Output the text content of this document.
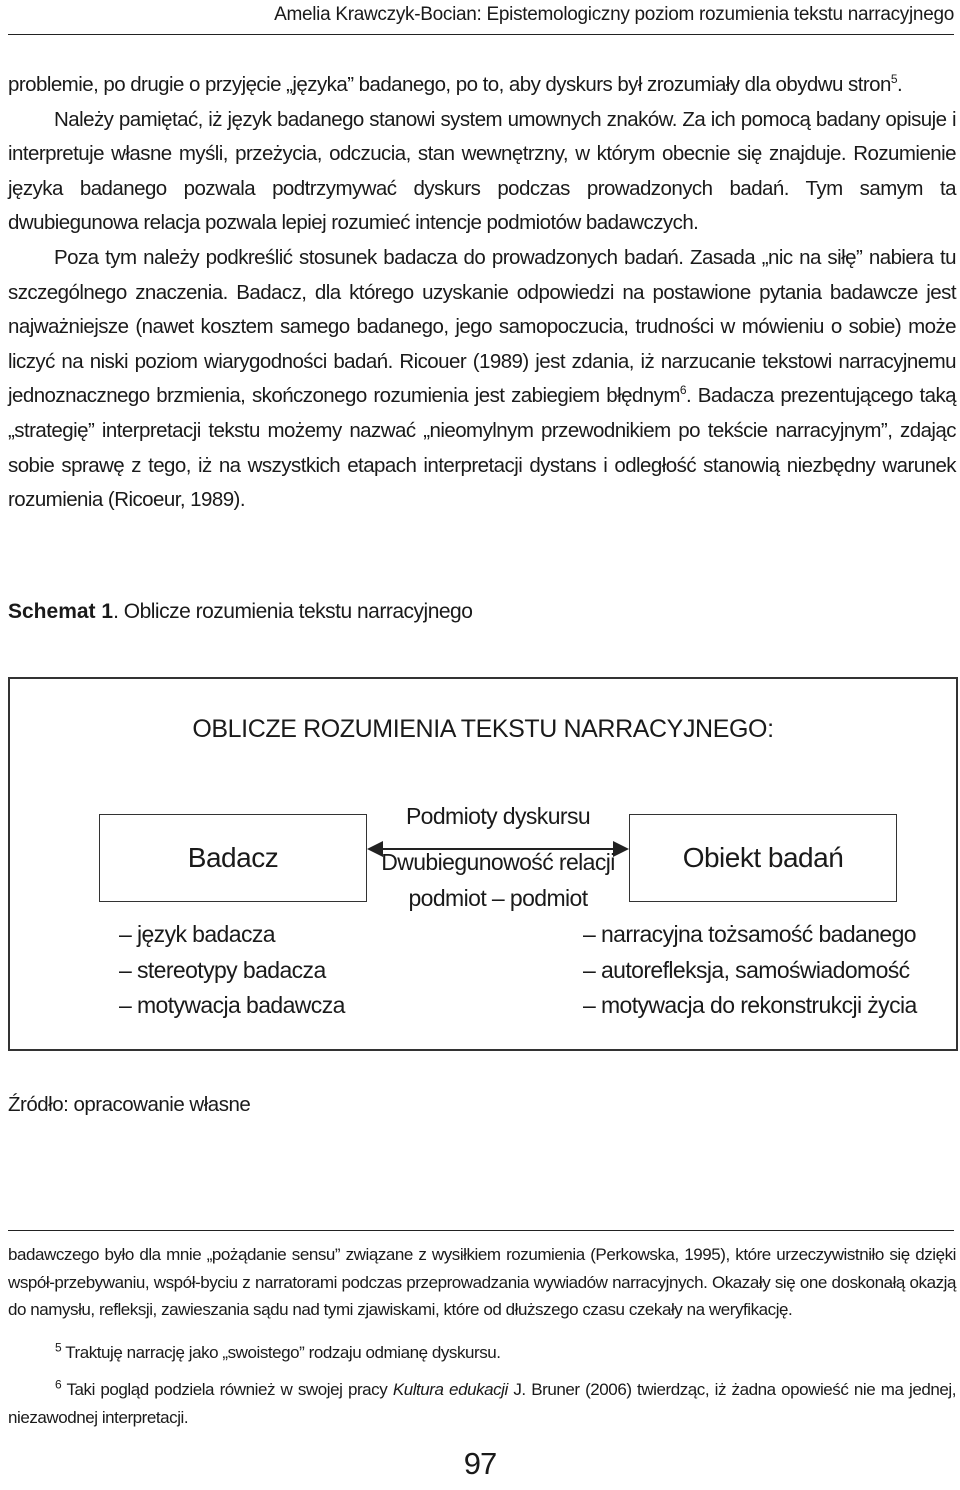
Amelia Krawczyk-Bocian: Epistemologiczny poziom rozumienia tekstu narracyjnego

problemie, po drugie o przyjęcie „języka” badanego, po to, aby dyskurs był zrozumiały dla obydwu stron$^5$.

Należy pamiętać, iż język badanego stanowi system umownych znaków. Za ich pomocą badany opisuje i interpretuje własne myśli, przeżycia, odczucia, stan wewnętrzny, w którym obecnie się znajduje. Rozumienie języka badanego pozwala podtrzymywać dyskurs podczas prowadzonych badań. Tym samym ta dwubiegunowa relacja pozwala lepiej rozumieć intencje podmiotów badawczych.

Poza tym należy podkreślić stosunek badacza do prowadzonych badań. Zasada „nic na siłę” nabiera tu szczególnego znaczenia. Badacz, dla którego uzyskanie odpowiedzi na postawione pytania badawcze jest najważniejsze (nawet kosztem samego badanego, jego samopoczucia, trudności w mówieniu o sobie) może liczyć na niski poziom wiarygodności badań. Ricouer (1989) jest zdania, iż narzucanie tekstowi narracyjnemu jednoznacznego brzmienia, skończonego rozumienia jest zabiegiem błędnym$^6$. Badacza prezentującego taką „strategię” interpretacji tekstu możemy nazwać „nieomylnym przewodnikiem po tekście narracyjnym”, zdając sobie sprawę z tego, iż na wszystkich etapach interpretacji dystans i odległość stanowią niezbędny warunek rozumienia (Ricoeur, 1989).

Schemat 1. Oblicze rozumienia tekstu narracyjnego
OBLICZE ROZUMIENIA TEKSTU NARRACYJNEGO:
Badacz	Obiekt badań
Podmioty dyskursu
Dwubiegunowość relacji
podmiot – podmiot
– język badacza
– stereotypy badacza
– motywacja badawcza
– narracyjna tożsamość badanego
– autorefleksja, samoświadomość
– motywacja do rekonstrukcji życia
Źródło: opracowanie własne

badawczego było dla mnie „pożądanie sensu” związane z wysiłkiem rozumienia (Perkowska, 1995), które urzeczywistniło się dzięki współ-przebywaniu, współ-byciu z narratorami podczas przeprowadzania wywiadów narracyjnych. Okazały się one doskonałą okazją do namysłu, refleksji, zawieszania sądu nad tymi zjawiskami, które od dłuższego czasu czekały na weryfikację.

$^5$ Traktuję narrację jako „swoistego” rodzaju odmianę dyskursu.
$^6$ Taki pogląd podziela również w swojej pracy Kultura edukacji J. Bruner (2006) twierdząc, iż żadna opowieść nie ma jednej, niezawodnej interpretacji.
97
